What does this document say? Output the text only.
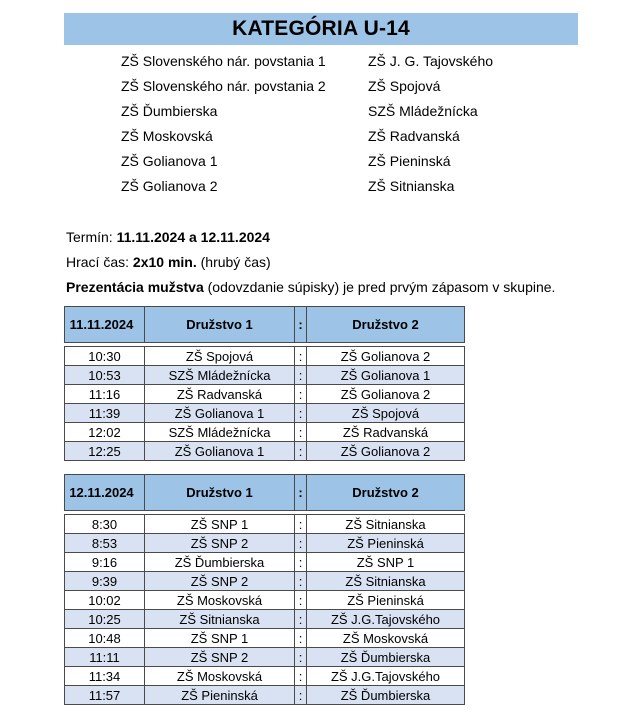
KATEGÓRIA U-14
ZŠ Slovenského nár. povstania 1
ZŠ Slovenského nár. povstania 2
ZŠ Ďumbierska
ZŠ Moskovská
ZŠ Golianova 1
ZŠ Golianova 2
ZŠ J. G. Tajovského
ZŠ Spojová
SZŠ Mládežnícka
ZŠ Radvanská
ZŠ Pieninská
ZŠ Sitnianska
Termín: 11.11.2024 a 12.11.2024
Hrací čas: 2x10 min. (hrubý čas)
Prezentácia mužstva (odovzdanie súpisky) je pred prvým zápasom v skupine.
11.11.2024	Družstvo 1	:	Družstvo 2

10:30	ZŠ Spojová	:	ZŠ Golianova 2
10:53	SZŠ Mládežnícka	:	ZŠ Golianova 1
11:16	ZŠ Radvanská	:	ZŠ Golianova 2
11:39	ZŠ Golianova 1	:	ZŠ Spojová
12:02	SZŠ Mládežnícka	:	ZŠ Radvanská
12:25	ZŠ Golianova 1	:	ZŠ Golianova 2
12.11.2024	Družstvo 1	:	Družstvo 2

8:30	ZŠ SNP 1	:	ZŠ Sitnianska
8:53	ZŠ SNP 2	:	ZŠ Pieninská
9:16	ZŠ Ďumbierska	:	ZŠ SNP 1
9:39	ZŠ SNP 2	:	ZŠ Sitnianska
10:02	ZŠ Moskovská	:	ZŠ Pieninská
10:25	ZŠ Sitnianska	:	ZŠ J.G.Tajovského
10:48	ZŠ SNP 1	:	ZŠ Moskovská
11:11	ZŠ SNP 2	:	ZŠ Ďumbierska
11:34	ZŠ Moskovská	:	ZŠ J.G.Tajovského
11:57	ZŠ Pieninská	:	ZŠ Ďumbierska
